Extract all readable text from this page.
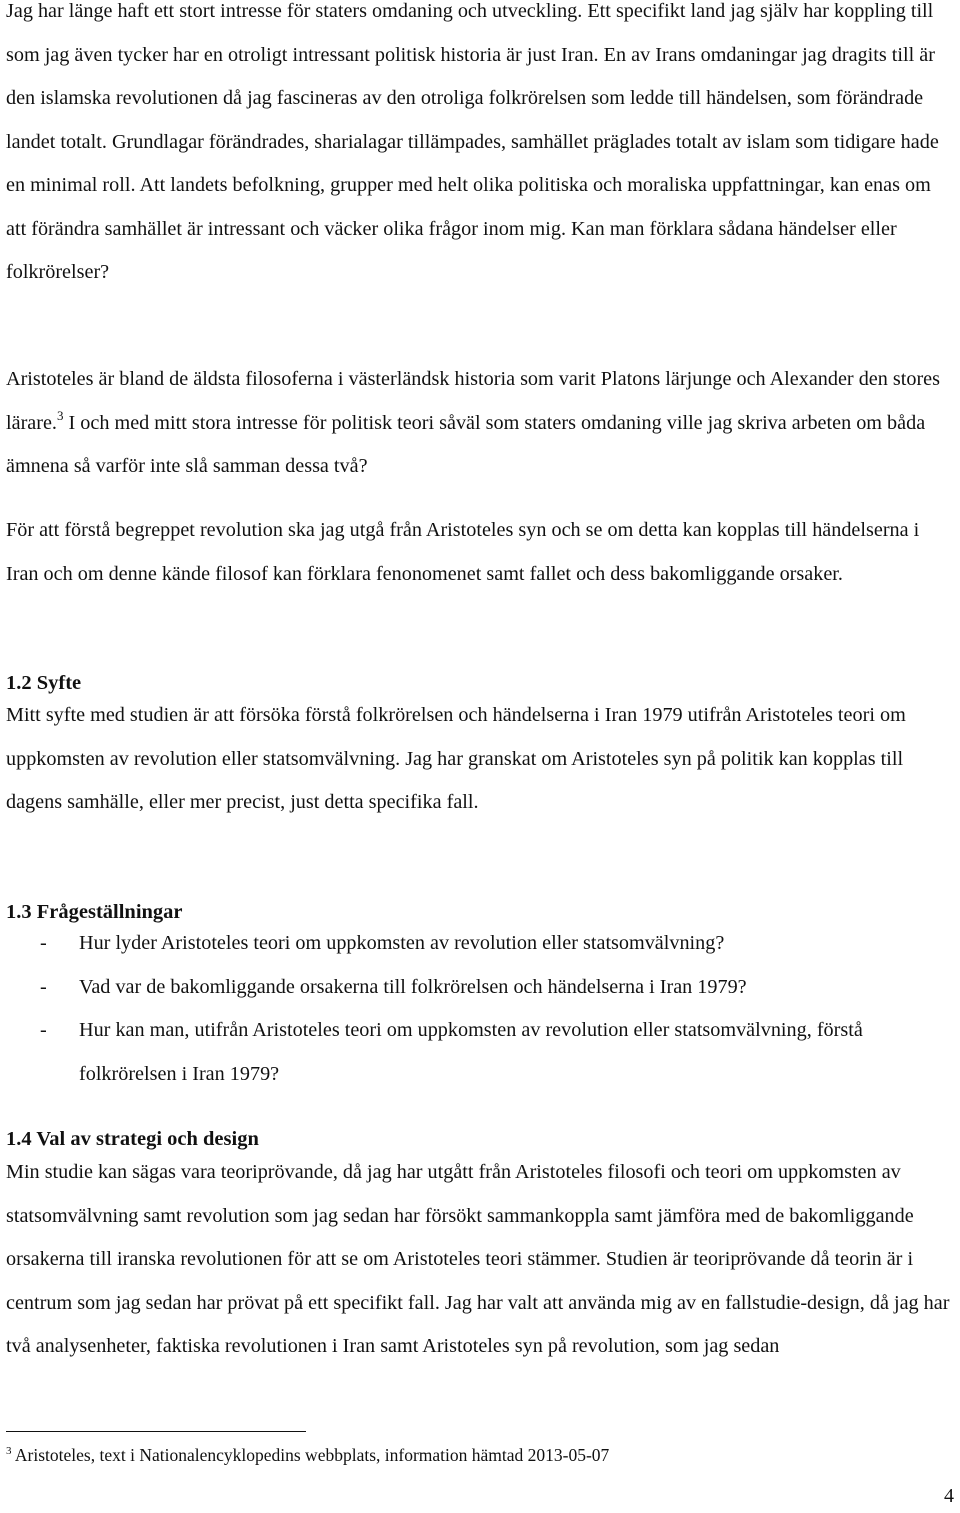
Jag har länge haft ett stort intresse för staters omdaning och utveckling. Ett specifikt land jag själv har koppling till som jag även tycker har en otroligt intressant politisk historia är just Iran. En av Irans omdaningar jag dragits till är den islamska revolutionen då jag fascineras av den otroliga folkrörelsen som ledde till händelsen, som förändrade landet totalt. Grundlagar förändrades, sharialagar tillämpades, samhället präglades totalt av islam som tidigare hade en minimal roll. Att landets befolkning, grupper med helt olika politiska och moraliska uppfattningar, kan enas om att förändra samhället är intressant och väcker olika frågor inom mig. Kan man förklara sådana händelser eller folkrörelser?

Aristoteles är bland de äldsta filosoferna i västerländsk historia som varit Platons lärjunge och Alexander den stores lärare.$^3$ I och med mitt stora intresse för politisk teori såväl som staters omdaning ville jag skriva arbeten om båda ämnena så varför inte slå samman dessa två?

För att förstå begreppet revolution ska jag utgå från Aristoteles syn och se om detta kan kopplas till händelserna i Iran och om denne kände filosof kan förklara fenonomenet samt fallet och dess bakomliggande orsaker.

1.2 Syfte

Mitt syfte med studien är att försöka förstå folkrörelsen och händelserna i Iran 1979 utifrån Aristoteles teori om uppkomsten av revolution eller statsomvälvning. Jag har granskat om Aristoteles syn på politik kan kopplas till dagens samhälle, eller mer precist, just detta specifika fall.

1.3 Frågeställningar
- Hur lyder Aristoteles teori om uppkomsten av revolution eller statsomvälvning?
- Vad var de bakomliggande orsakerna till folkrörelsen och händelserna i Iran 1979?
- Hur kan man, utifrån Aristoteles teori om uppkomsten av revolution eller statsomvälvning, förstå folkrörelsen i Iran 1979?
1.4 Val av strategi och design

Min studie kan sägas vara teoriprövande, då jag har utgått från Aristoteles filosofi och teori om uppkomsten av statsomvälvning samt revolution som jag sedan har försökt sammankoppla samt jämföra med de bakomliggande orsakerna till iranska revolutionen för att se om Aristoteles teori stämmer. Studien är teoriprövande då teorin är i centrum som jag sedan har prövat på ett specifikt fall. Jag har valt att använda mig av en fallstudie-design, då jag har två analysenheter, faktiska revolutionen i Iran samt Aristoteles syn på revolution, som jag sedan

$^3$ Aristoteles, text i Nationalencyklopedins webbplats, information hämtad 2013-05-07

4
